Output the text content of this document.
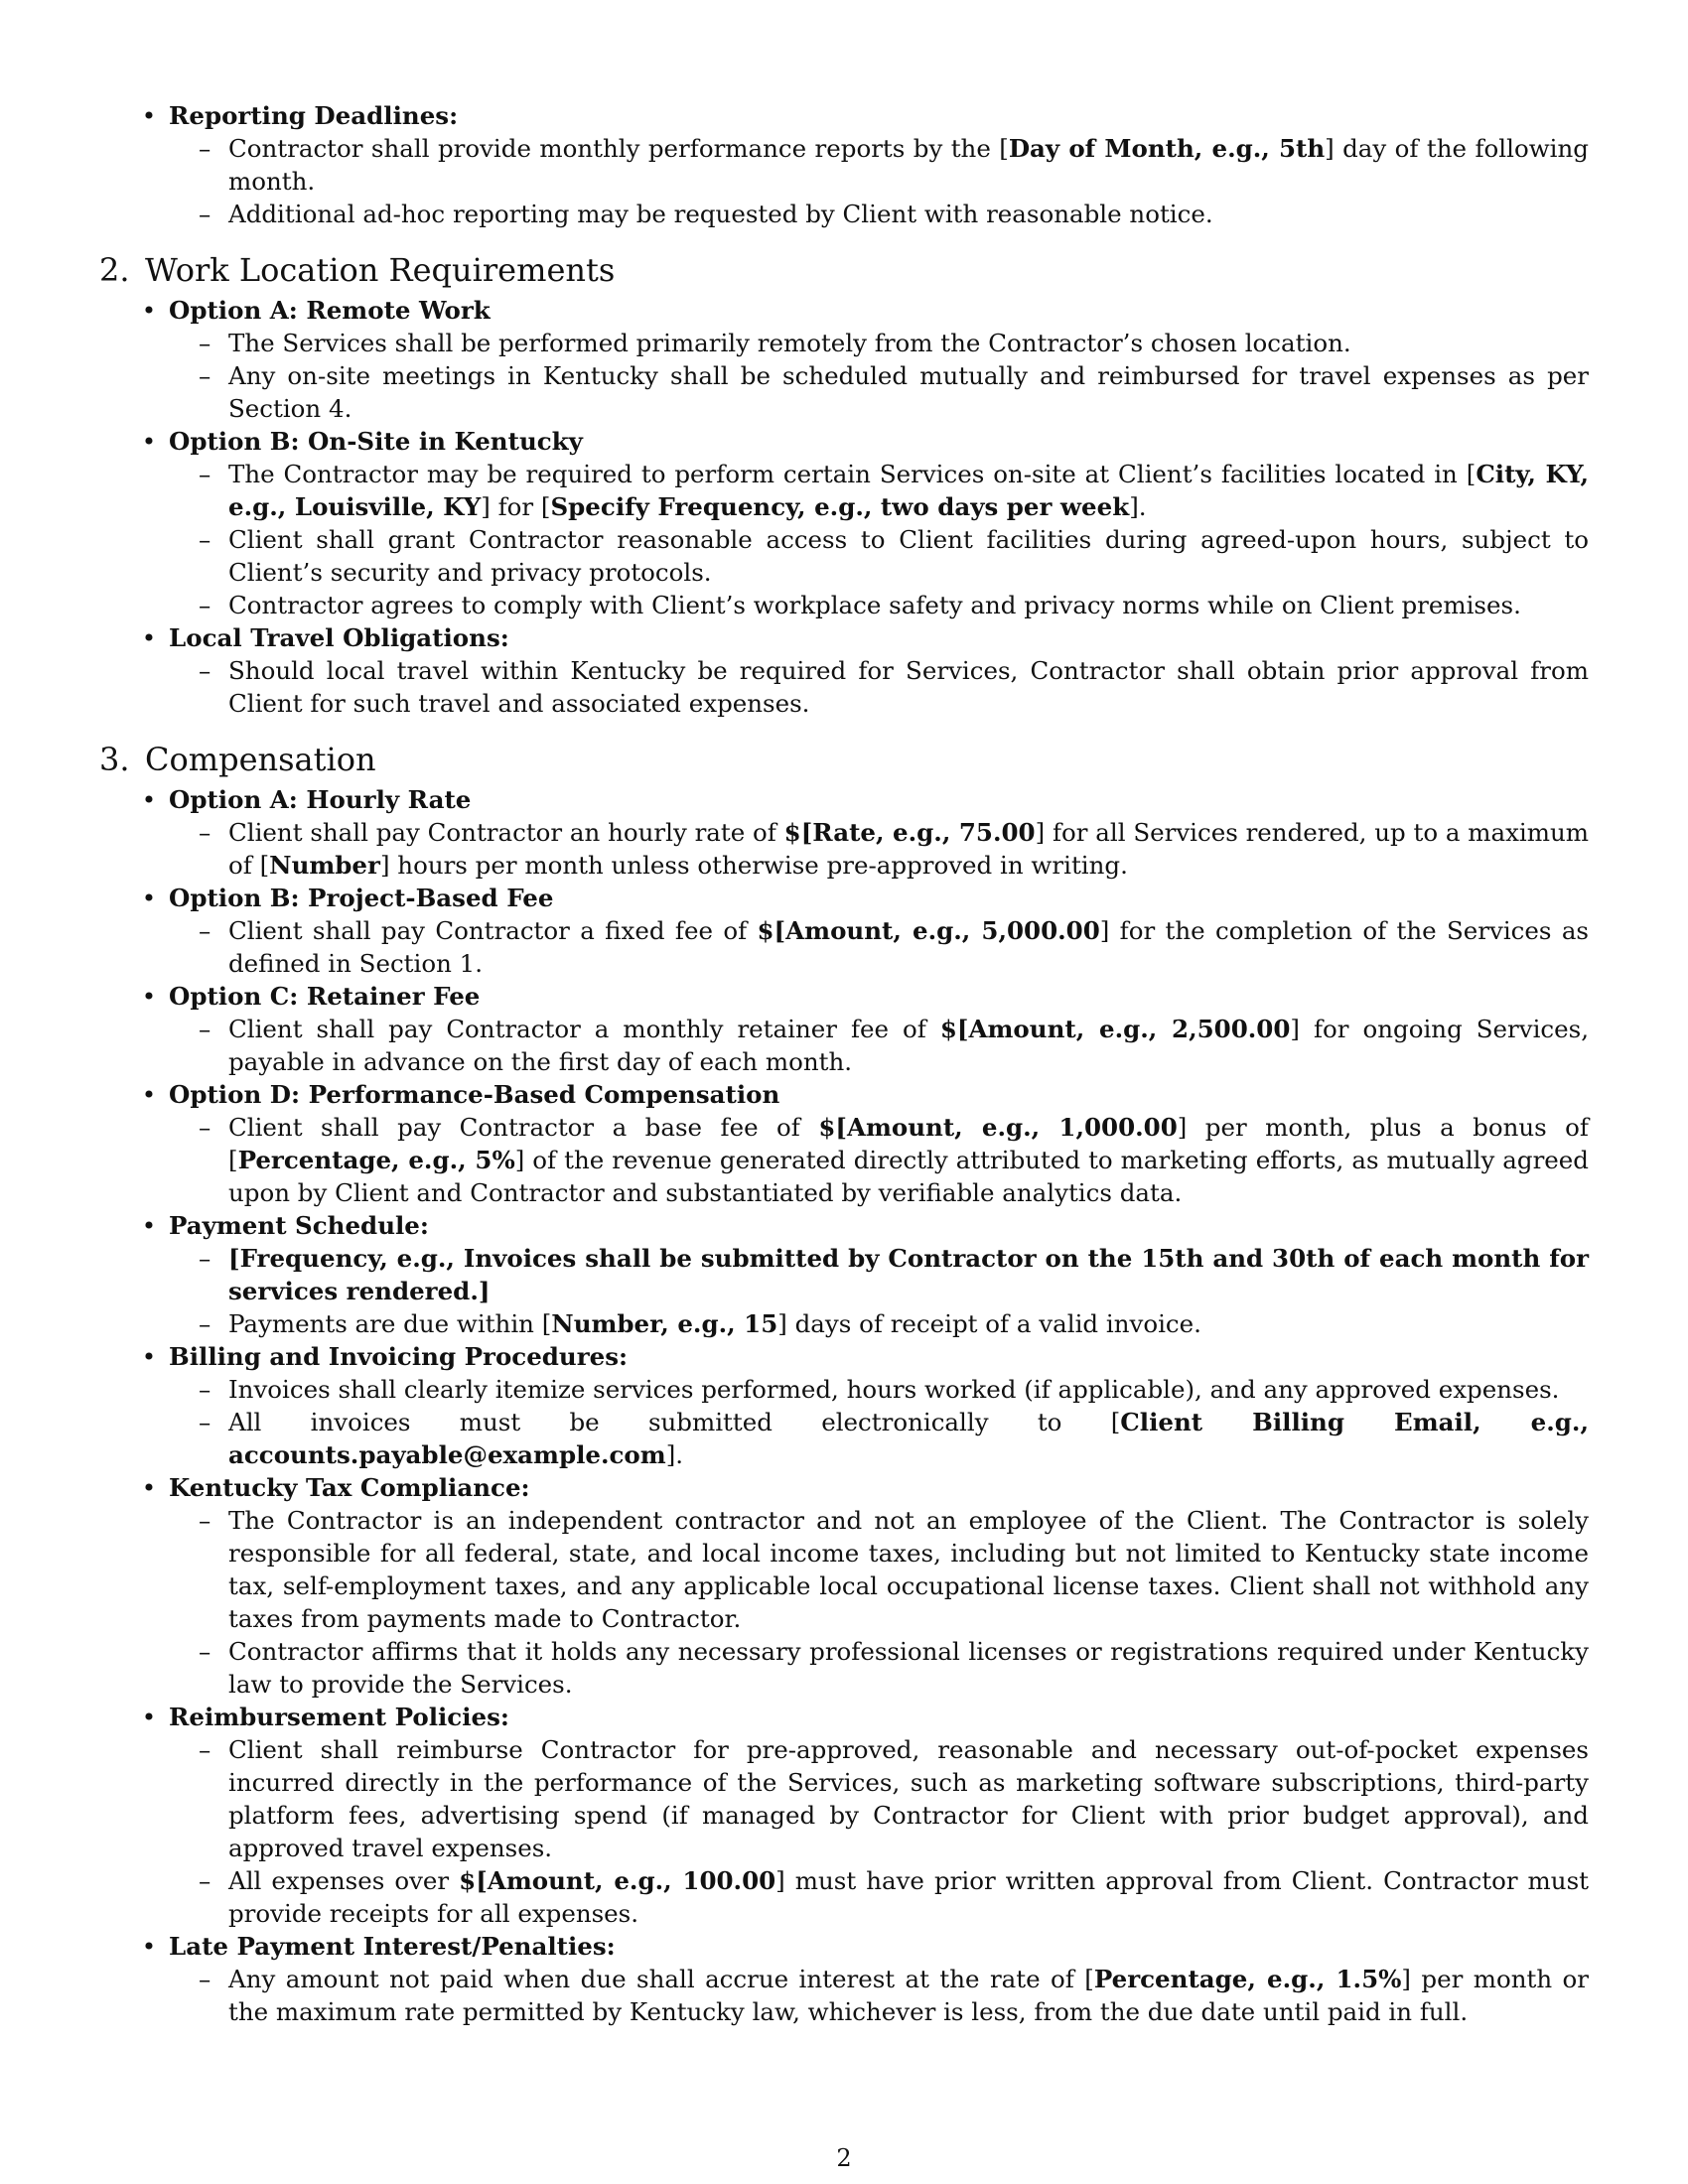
• Reporting Deadlines:
– Contractor shall provide monthly performance reports by the [Day of Month, e.g., 5th] day of the following month.
– Additional ad-hoc reporting may be requested by Client with reasonable notice.
2. Work Location Requirements
• Option A: Remote Work
– The Services shall be performed primarily remotely from the Contractor’s chosen location.
– Any on-site meetings in Kentucky shall be scheduled mutually and reimbursed for travel expenses as per Section 4.
• Option B: On-Site in Kentucky
– The Contractor may be required to perform certain Services on-site at Client’s facilities located in [City, KY, e.g., Louisville, KY] for [Specify Frequency, e.g., two days per week].
– Client shall grant Contractor reasonable access to Client facilities during agreed-upon hours, subject to Client’s security and privacy protocols.
– Contractor agrees to comply with Client’s workplace safety and privacy norms while on Client premises.
• Local Travel Obligations:
– Should local travel within Kentucky be required for Services, Contractor shall obtain prior approval from Client for such travel and associated expenses.
3. Compensation
• Option A: Hourly Rate
– Client shall pay Contractor an hourly rate of $[Rate, e.g., 75.00] for all Services rendered, up to a maximum of [Number] hours per month unless otherwise pre-approved in writing.
• Option B: Project-Based Fee
– Client shall pay Contractor a fixed fee of $[Amount, e.g., 5,000.00] for the completion of the Services as defined in Section 1.
• Option C: Retainer Fee
– Client shall pay Contractor a monthly retainer fee of $[Amount, e.g., 2,500.00] for ongoing Services, payable in advance on the first day of each month.
• Option D: Performance-Based Compensation
– Client shall pay Contractor a base fee of $[Amount, e.g., 1,000.00] per month, plus a bonus of [Percentage, e.g., 5%] of the revenue generated directly attributed to marketing efforts, as mutually agreed upon by Client and Contractor and substantiated by verifiable analytics data.
• Payment Schedule:
– [Frequency, e.g., Invoices shall be submitted by Contractor on the 15th and 30th of each month for services rendered.]
– Payments are due within [Number, e.g., 15] days of receipt of a valid invoice.
• Billing and Invoicing Procedures:
– Invoices shall clearly itemize services performed, hours worked (if applicable), and any approved expenses.
– All invoices must be submitted electronically to [Client Billing Email, e.g., accounts.payable@example.com].
• Kentucky Tax Compliance:
– The Contractor is an independent contractor and not an employee of the Client. The Contractor is solely responsible for all federal, state, and local income taxes, including but not limited to Kentucky state income tax, self-employment taxes, and any applicable local occupational license taxes. Client shall not withhold any taxes from payments made to Contractor.
– Contractor affirms that it holds any necessary professional licenses or registrations required under Kentucky law to provide the Services.
• Reimbursement Policies:
– Client shall reimburse Contractor for pre-approved, reasonable and necessary out-of-pocket expenses incurred directly in the performance of the Services, such as marketing software subscriptions, third-party platform fees, advertising spend (if managed by Contractor for Client with prior budget approval), and approved travel expenses.
– All expenses over $[Amount, e.g., 100.00] must have prior written approval from Client. Contractor must provide receipts for all expenses.
• Late Payment Interest/Penalties:
– Any amount not paid when due shall accrue interest at the rate of [Percentage, e.g., 1.5%] per month or the maximum rate permitted by Kentucky law, whichever is less, from the due date until paid in full.
2
